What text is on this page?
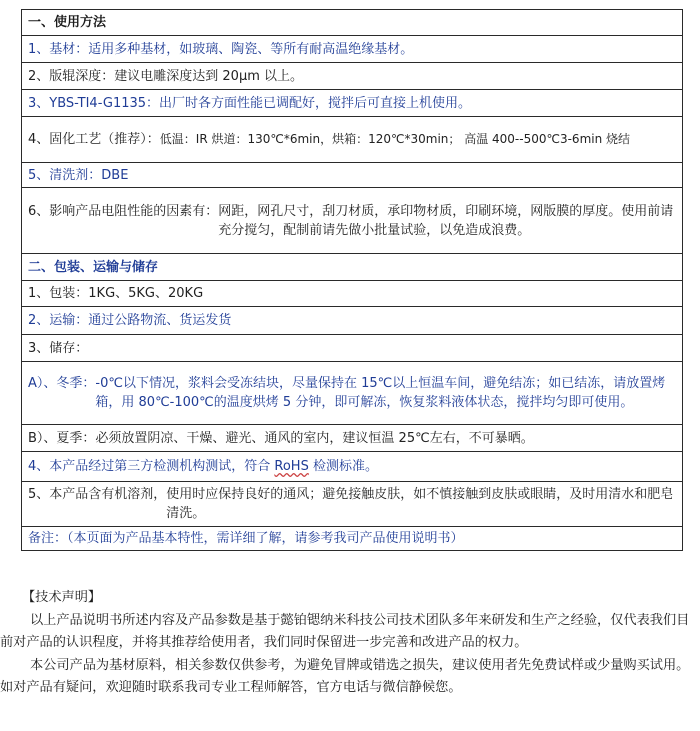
一、使用方法
1、基材：适用多种基材，如玻璃、陶瓷、等所有耐高温绝缘基材。
2、版辊深度：建议电雕深度达到 20μm 以上。
3、YBS-TI4-G1135：出厂时各方面性能已调配好，搅拌后可直接上机使用。

4、固化工艺（推荐）： 低温：IR 烘道：130℃*6min，烘箱：120℃*30min； 高温 400--500℃3-6min 烧结

5、清洗剂：DBE

6、影响产品电阻性能的因素有： 网距，网孔尺寸，刮刀材质，承印物材质，印刷环境，网版膜的厚度。使用前请充分搅匀，配制前请先做小批量试验，以免造成浪费。

二、包装、运输与储存
1、包装：1KG、5KG、20KG
2、运输：通过公路物流、货运发货
3、储存：

A）、冬季： -0℃以下情况，浆料会受冻结块，尽量保持在 15℃以上恒温车间，避免结冻；如已结冻，请放置烤箱，用 80℃-100℃的温度烘烤 5 分钟，即可解冻，恢复浆料液体状态，搅拌均匀即可使用。

B）、夏季：必须放置阴凉、干燥、避光、通风的室内，建议恒温 25℃左右，不可暴晒。
4、本产品经过第三方检测机构测试，符合 RoHS 检测标准。

5、本产品含有机溶剂， 使用时应保持良好的通风；避免接触皮肤，如不慎接触到皮肤或眼睛，及时用清水和肥皂清洗。

备注：（本页面为产品基本特性，需详细了解，请参考我司产品使用说明书）

【技术声明】

以上产品说明书所述内容及产品参数是基于懿铂锶纳米科技公司技术团队多年来研发和生产之经验，仅代表我们目前对产品的认识程度，并将其推荐给使用者，我们同时保留进一步完善和改进产品的权力。

本公司产品为基材原料，相关参数仅供参考，为避免冒牌或错选之损失，建议使用者先免费试样或少量购买试用。如对产品有疑问，欢迎随时联系我司专业工程师解答，官方电话与微信静候您。
